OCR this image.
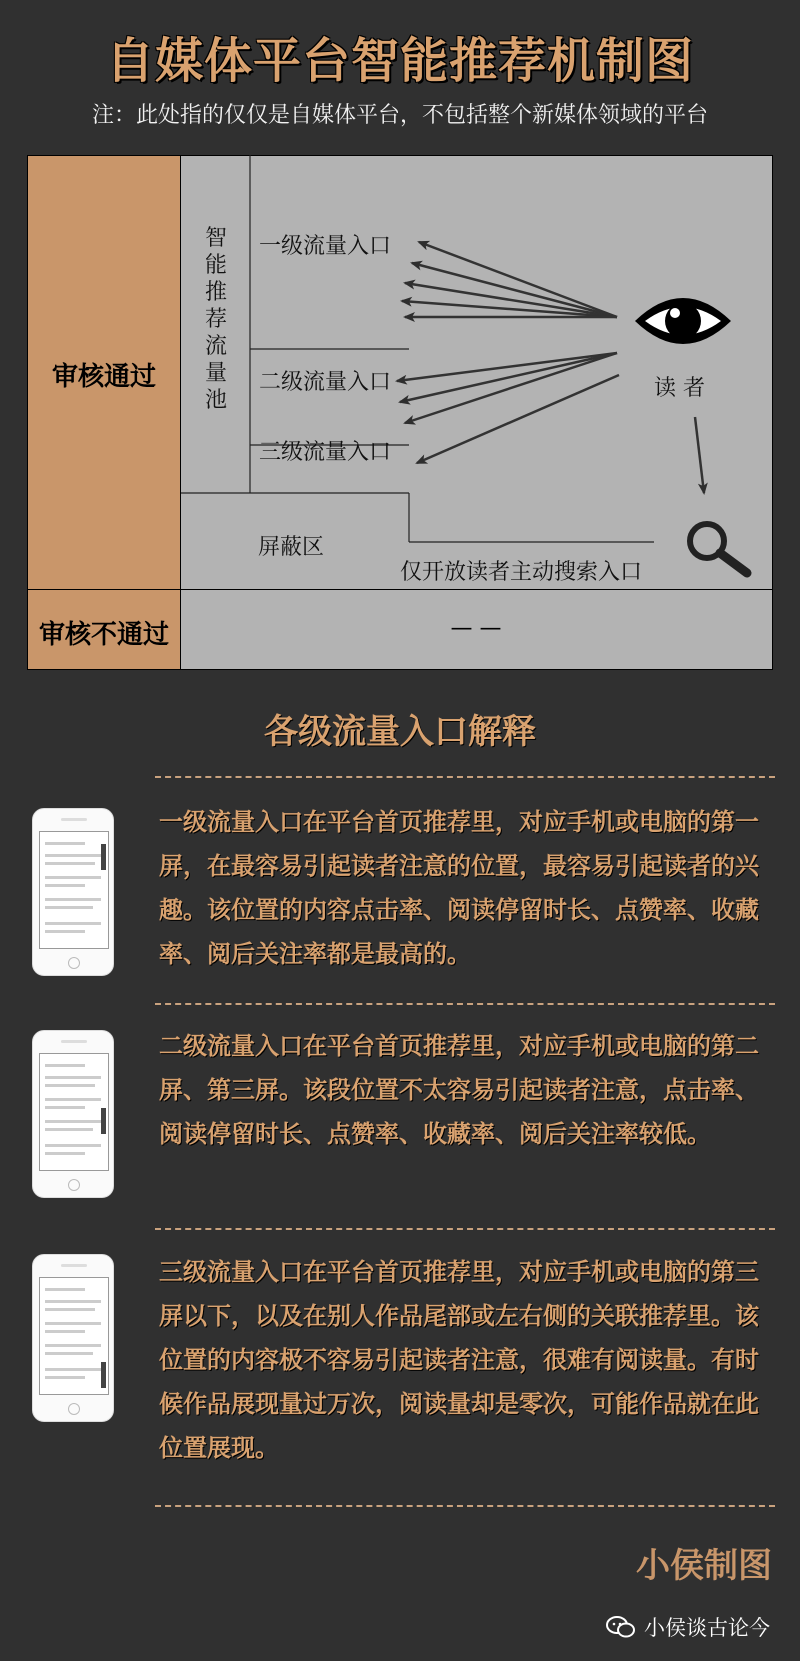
自媒体平台智能推荐机制图
注：此处指的仅仅是自媒体平台，不包括整个新媒体领域的平台
审核通过
审核不通过	— —
智
能
推
荐
流
量
池
一级流量入口
二级流量入口
三级流量入口
屏蔽区
仅开放读者主动搜索入口
读 者
各级流量入口解释
一级流量入口在平台首页推荐里，对应手机或电脑的第一屏，在最容易引起读者注意的位置，最容易引起读者的兴趣。该位置的内容点击率、阅读停留时长、点赞率、收藏率、阅后关注率都是最高的。
二级流量入口在平台首页推荐里，对应手机或电脑的第二屏、第三屏。该段位置不太容易引起读者注意，点击率、阅读停留时长、点赞率、收藏率、阅后关注率较低。
三级流量入口在平台首页推荐里，对应手机或电脑的第三屏以下，以及在别人作品尾部或左右侧的关联推荐里。该位置的内容极不容易引起读者注意，很难有阅读量。有时候作品展现量过万次，阅读量却是零次，可能作品就在此位置展现。
小侯制图
小侯谈古论今
